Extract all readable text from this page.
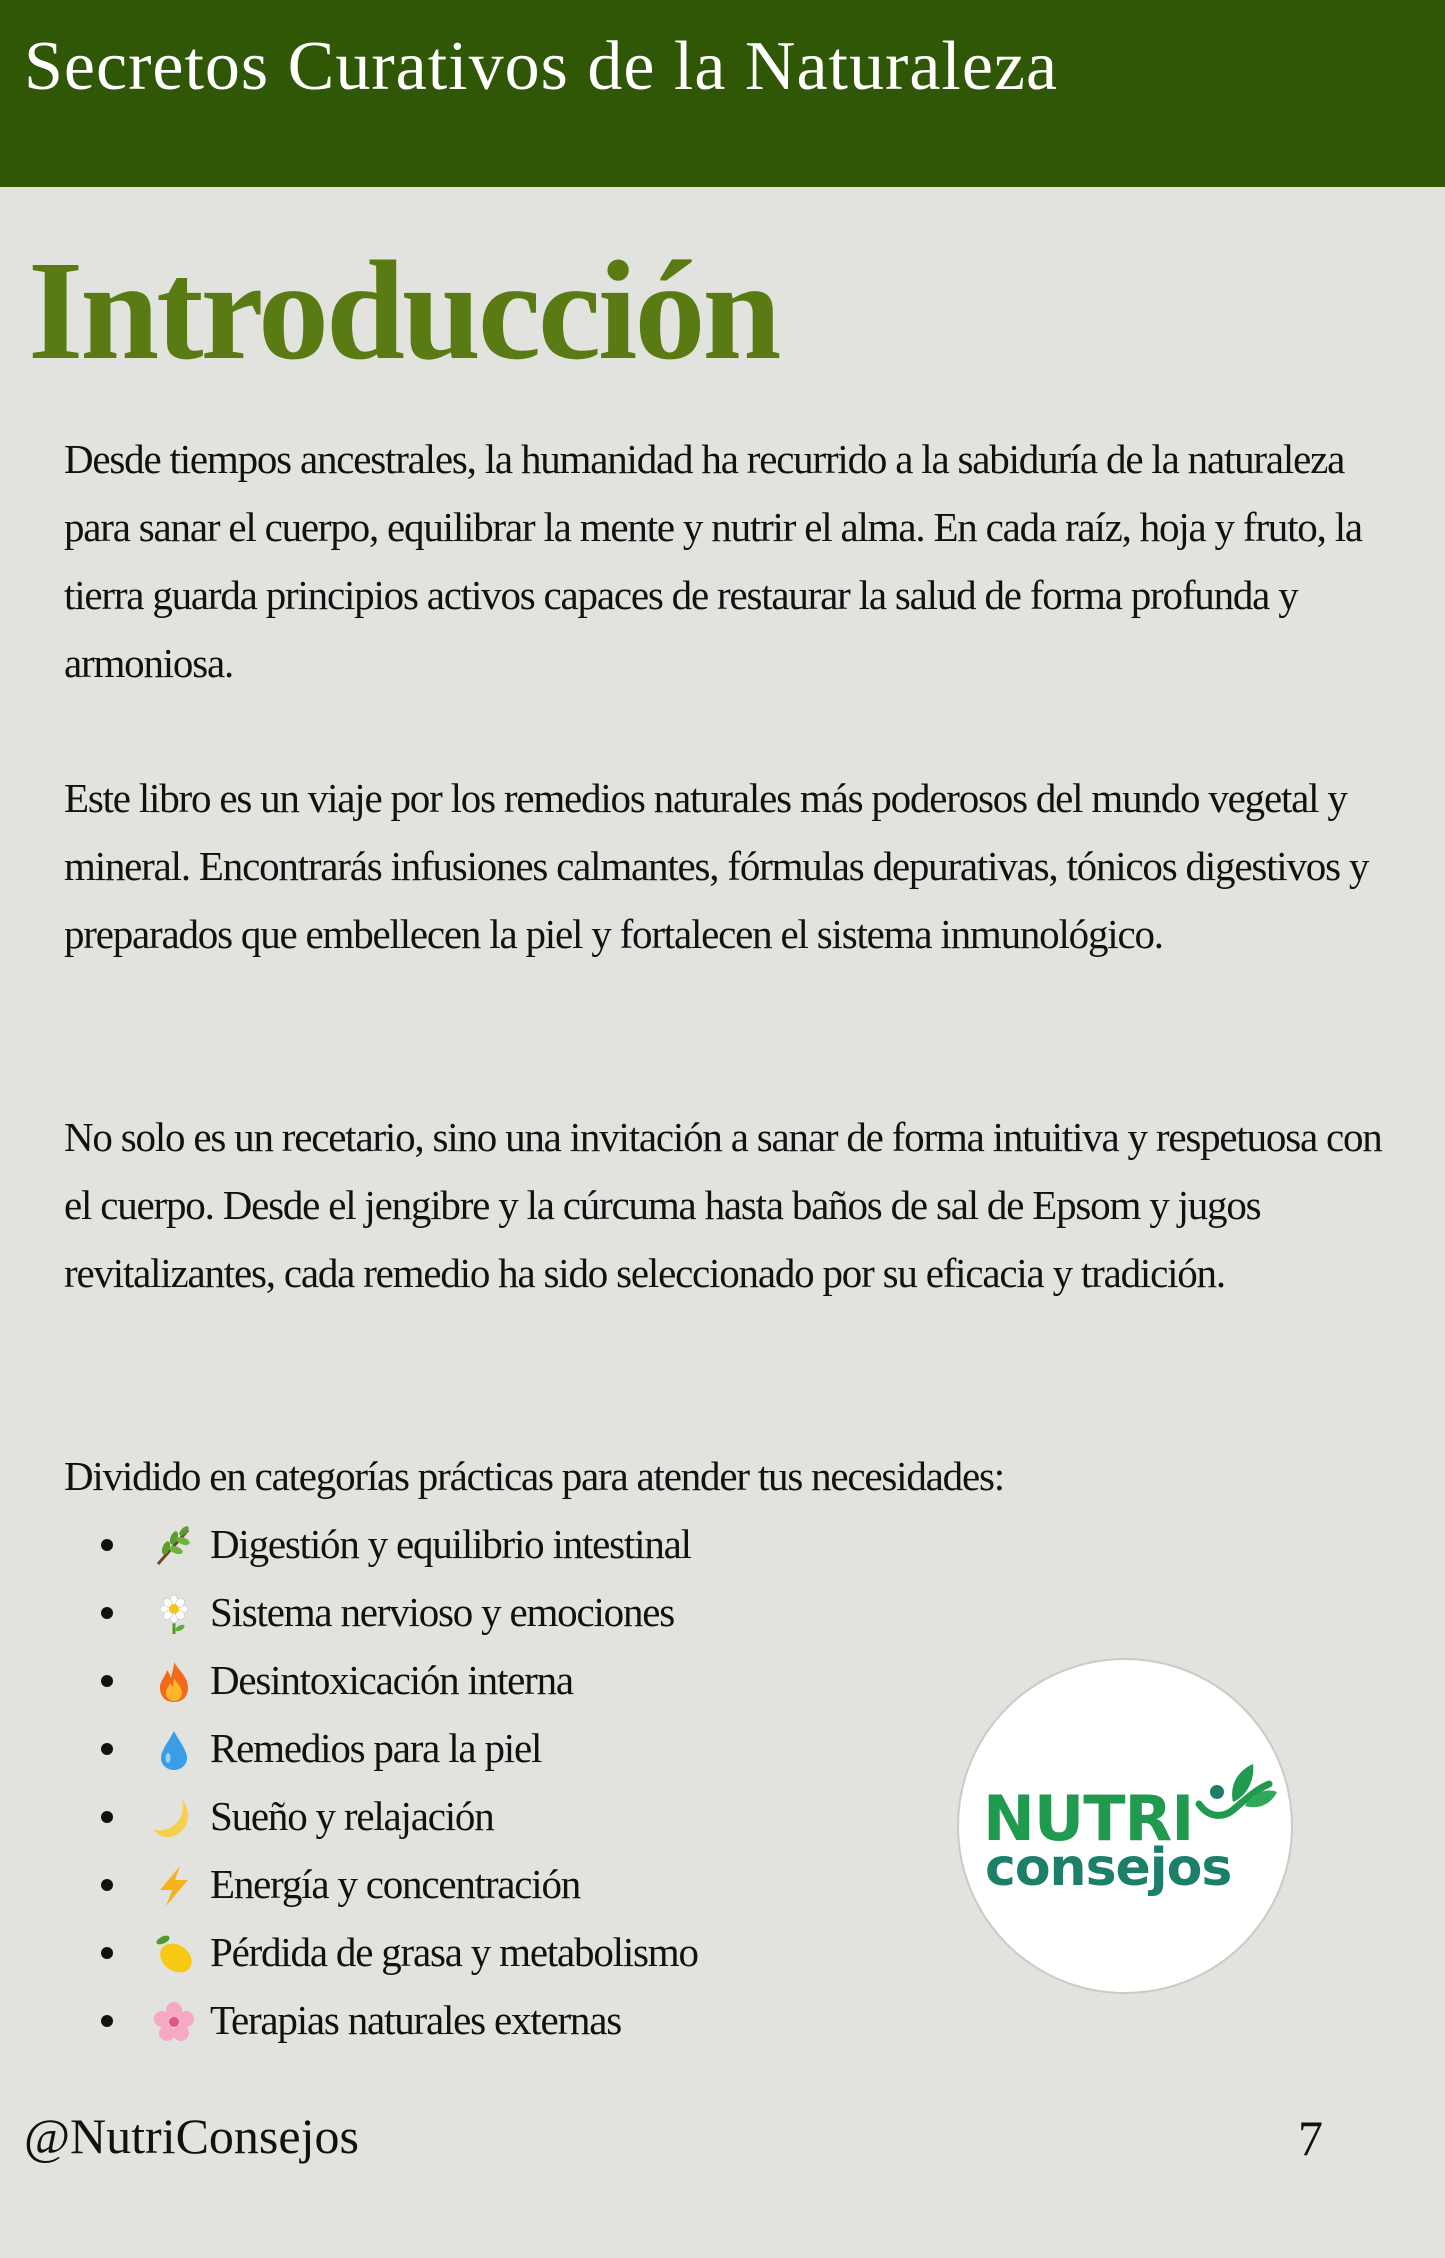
Secretos Curativos de la Naturaleza
Introducción
Desde tiempos ancestrales, la humanidad ha recurrido a la sabiduría de la naturaleza para sanar el cuerpo, equilibrar la mente y nutrir el alma. En cada raíz, hoja y fruto, la tierra guarda principios activos capaces de restaurar la salud de forma profunda y armoniosa.
Este libro es un viaje por los remedios naturales más poderosos del mundo vegetal y mineral. Encontrarás infusiones calmantes, fórmulas depurativas, tónicos digestivos y preparados que embellecen la piel y fortalecen el sistema inmunológico.
No solo es un recetario, sino una invitación a sanar de forma intuitiva y respetuosa con el cuerpo. Desde el jengibre y la cúrcuma hasta baños de sal de Epsom y jugos revitalizantes, cada remedio ha sido seleccionado por su eficacia y tradición.
Dividido en categorías prácticas para atender tus necesidades:
Digestión y equilibrio intestinal
Sistema nervioso y emociones
Desintoxicación interna
Remedios para la piel
Sueño y relajación
Energía y concentración
Pérdida de grasa y metabolismo
Terapias naturales externas
NUTRI
consejos
@NutriConsejos	7
